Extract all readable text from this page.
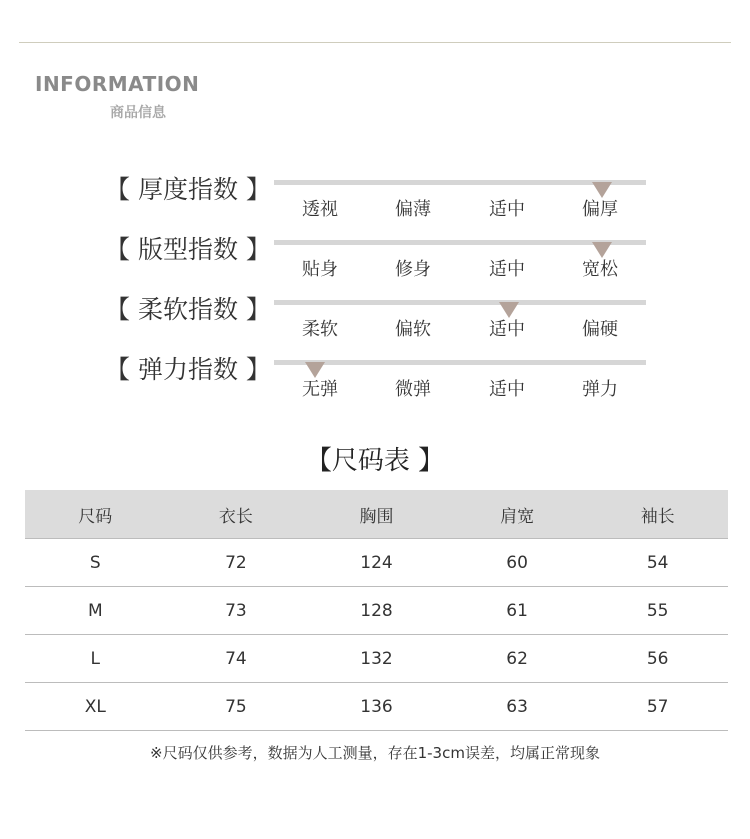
INFORMATION
商品信息
【 厚度指数 】
透视	偏薄	适中	偏厚
【 版型指数 】
贴身	修身	适中	宽松
【 柔软指数 】
柔软	偏软	适中	偏硬
【 弹力指数 】
无弹	微弹	适中	弹力
【尺码表 】
尺码	衣长	胸围	肩宽	袖长
S	72	124	60	54
M	73	128	61	55
L	74	132	62	56
XL	75	136	63	57
※尺码仅供参考，数据为人工测量，存在1-3cm误差，均属正常现象
